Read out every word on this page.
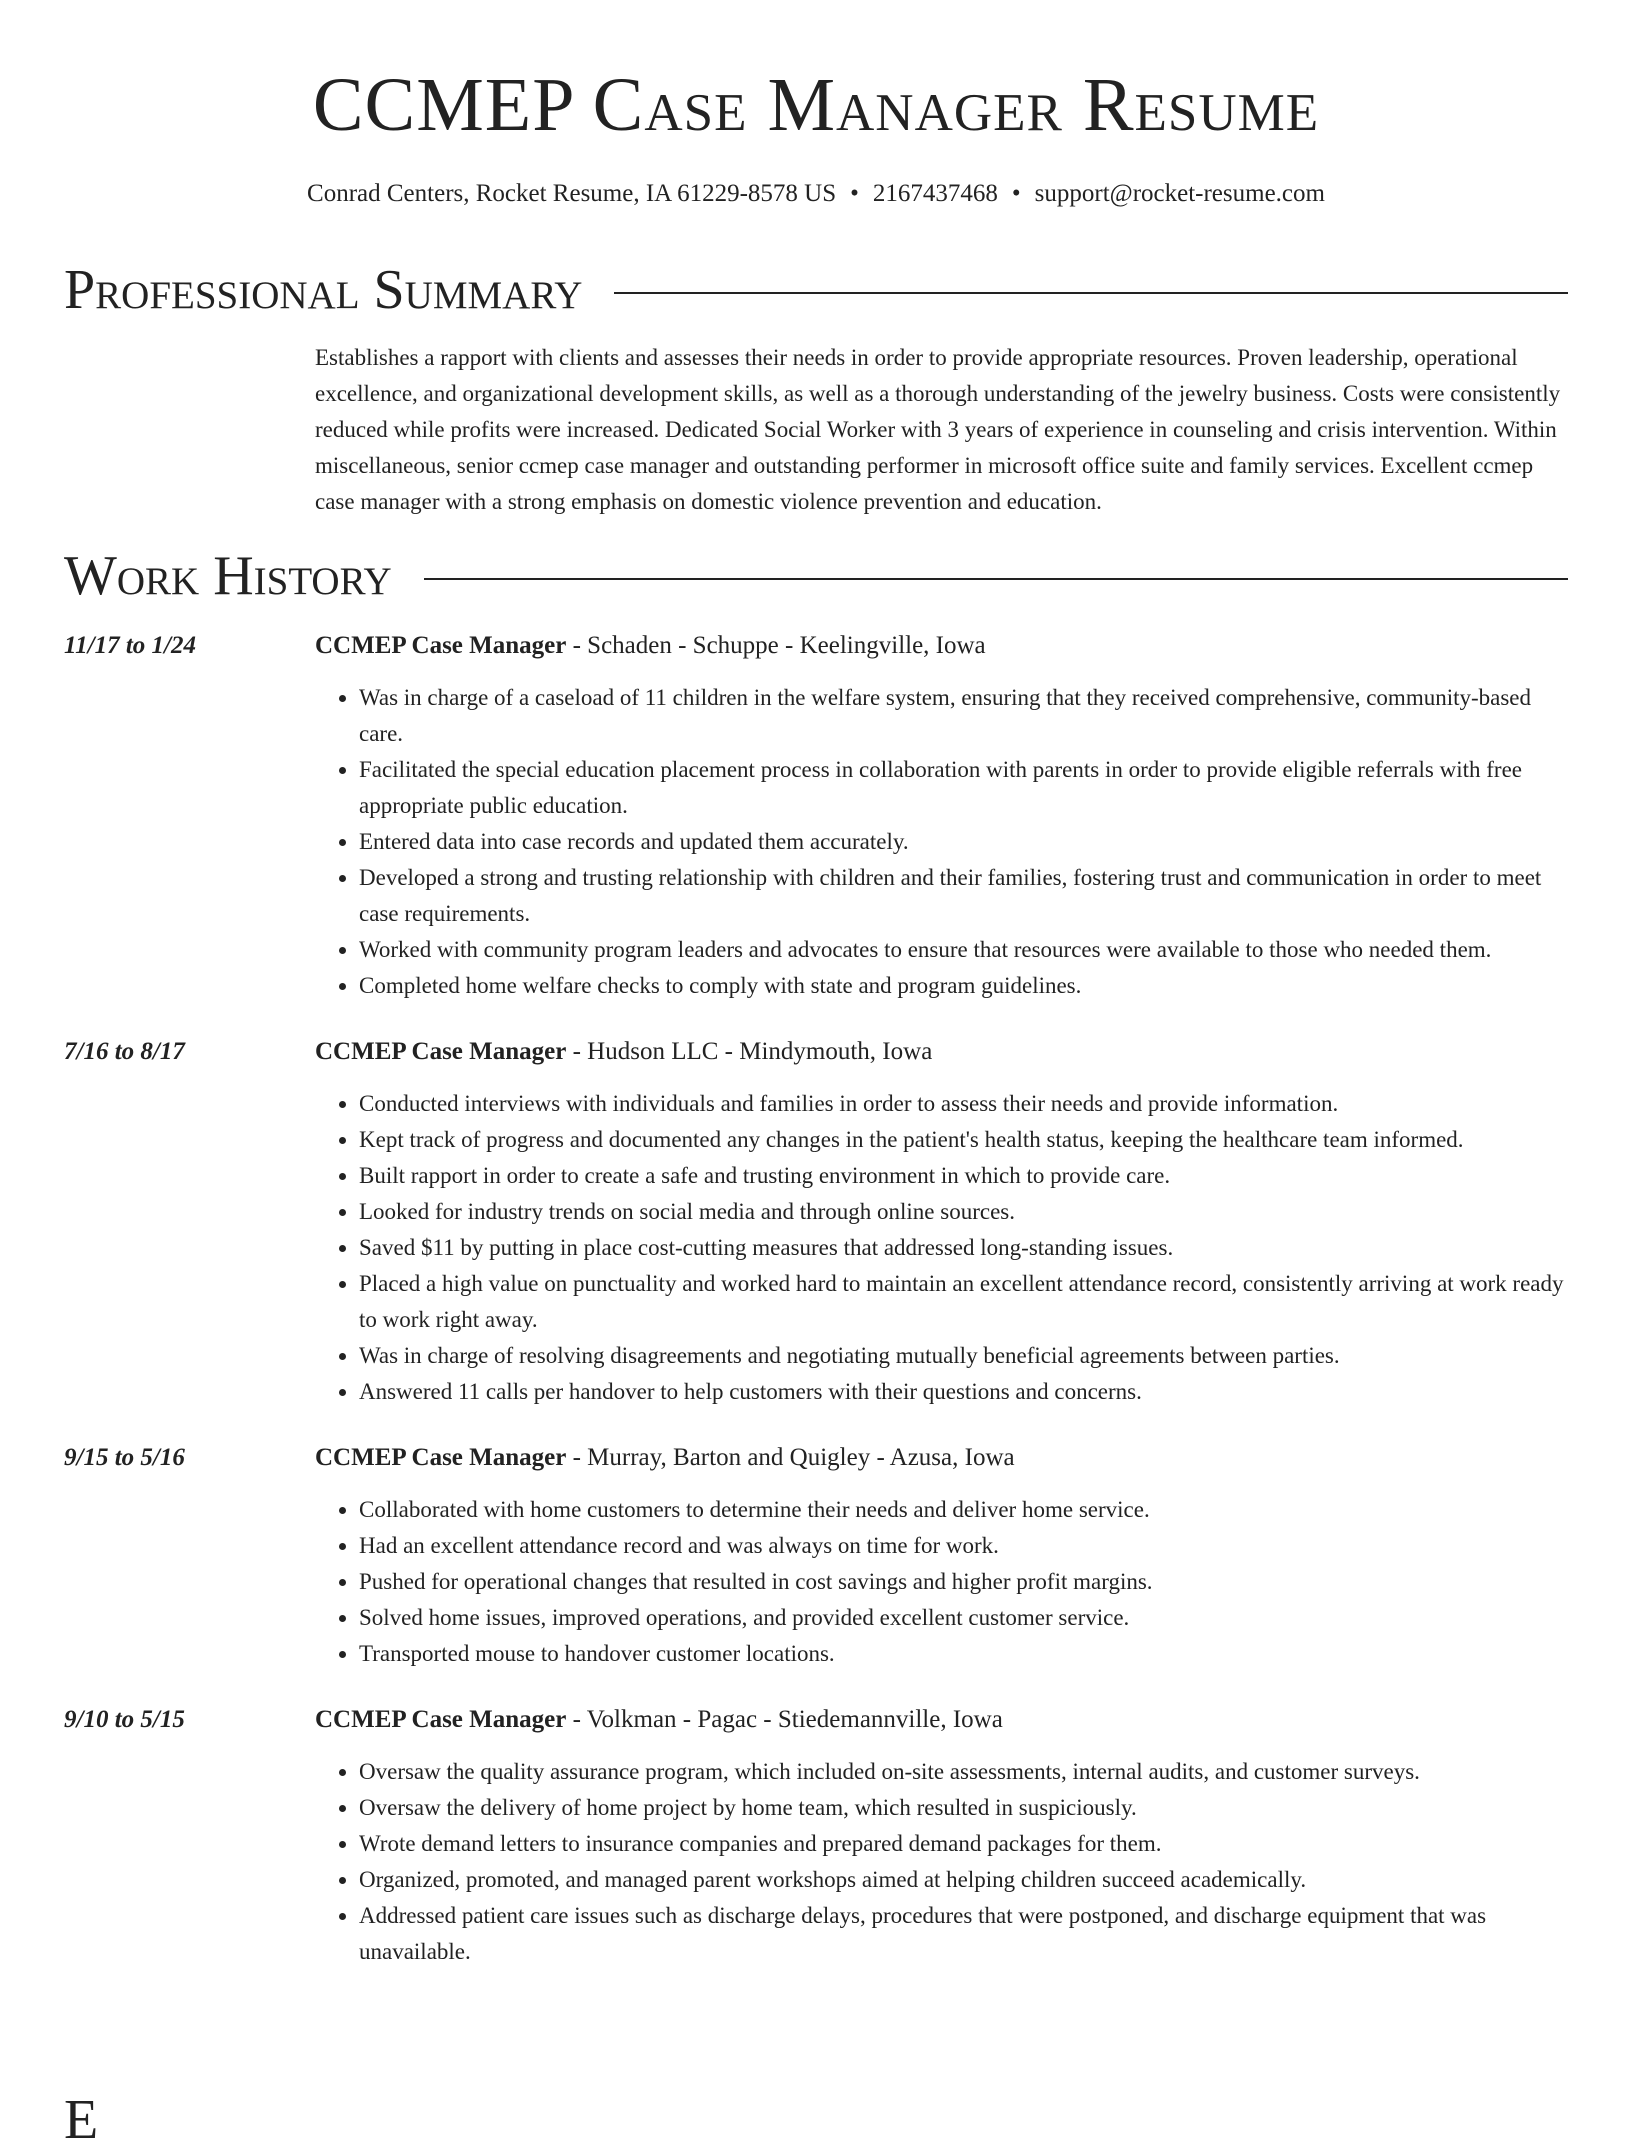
CCMEP Case Manager Resume
Conrad Centers, Rocket Resume, IA 61229-8578 US • 2167437468 • support@rocket-resume.com
Professional Summary
Establishes a rapport with clients and assesses their needs in order to provide appropriate resources. Proven leadership, operational excellence, and organizational development skills, as well as a thorough understanding of the jewelry business. Costs were consistently reduced while profits were increased. Dedicated Social Worker with 3 years of experience in counseling and crisis intervention. Within miscellaneous, senior ccmep case manager and outstanding performer in microsoft office suite and family services. Excellent ccmep case manager with a strong emphasis on domestic violence prevention and education.
Work History
11/17 to 1/24	CCMEP Case Manager - Schaden - Schuppe - Keelingville, Iowa
• Was in charge of a caseload of 11 children in the welfare system, ensuring that they received comprehensive, community-based care.
• Facilitated the special education placement process in collaboration with parents in order to provide eligible referrals with free appropriate public education.
• Entered data into case records and updated them accurately.
• Developed a strong and trusting relationship with children and their families, fostering trust and communication in order to meet case requirements.
• Worked with community program leaders and advocates to ensure that resources were available to those who needed them.
• Completed home welfare checks to comply with state and program guidelines.
7/16 to 8/17	CCMEP Case Manager - Hudson LLC - Mindymouth, Iowa
• Conducted interviews with individuals and families in order to assess their needs and provide information.
• Kept track of progress and documented any changes in the patient's health status, keeping the healthcare team informed.
• Built rapport in order to create a safe and trusting environment in which to provide care.
• Looked for industry trends on social media and through online sources.
• Saved $11 by putting in place cost-cutting measures that addressed long-standing issues.
• Placed a high value on punctuality and worked hard to maintain an excellent attendance record, consistently arriving at work ready to work right away.
• Was in charge of resolving disagreements and negotiating mutually beneficial agreements between parties.
• Answered 11 calls per handover to help customers with their questions and concerns.
9/15 to 5/16	CCMEP Case Manager - Murray, Barton and Quigley - Azusa, Iowa
• Collaborated with home customers to determine their needs and deliver home service.
• Had an excellent attendance record and was always on time for work.
• Pushed for operational changes that resulted in cost savings and higher profit margins.
• Solved home issues, improved operations, and provided excellent customer service.
• Transported mouse to handover customer locations.
9/10 to 5/15	CCMEP Case Manager - Volkman - Pagac - Stiedemannville, Iowa
• Oversaw the quality assurance program, which included on-site assessments, internal audits, and customer surveys.
• Oversaw the delivery of home project by home team, which resulted in suspiciously.
• Wrote demand letters to insurance companies and prepared demand packages for them.
• Organized, promoted, and managed parent workshops aimed at helping children succeed academically.
• Addressed patient care issues such as discharge delays, procedures that were postponed, and discharge equipment that was unavailable.
E
